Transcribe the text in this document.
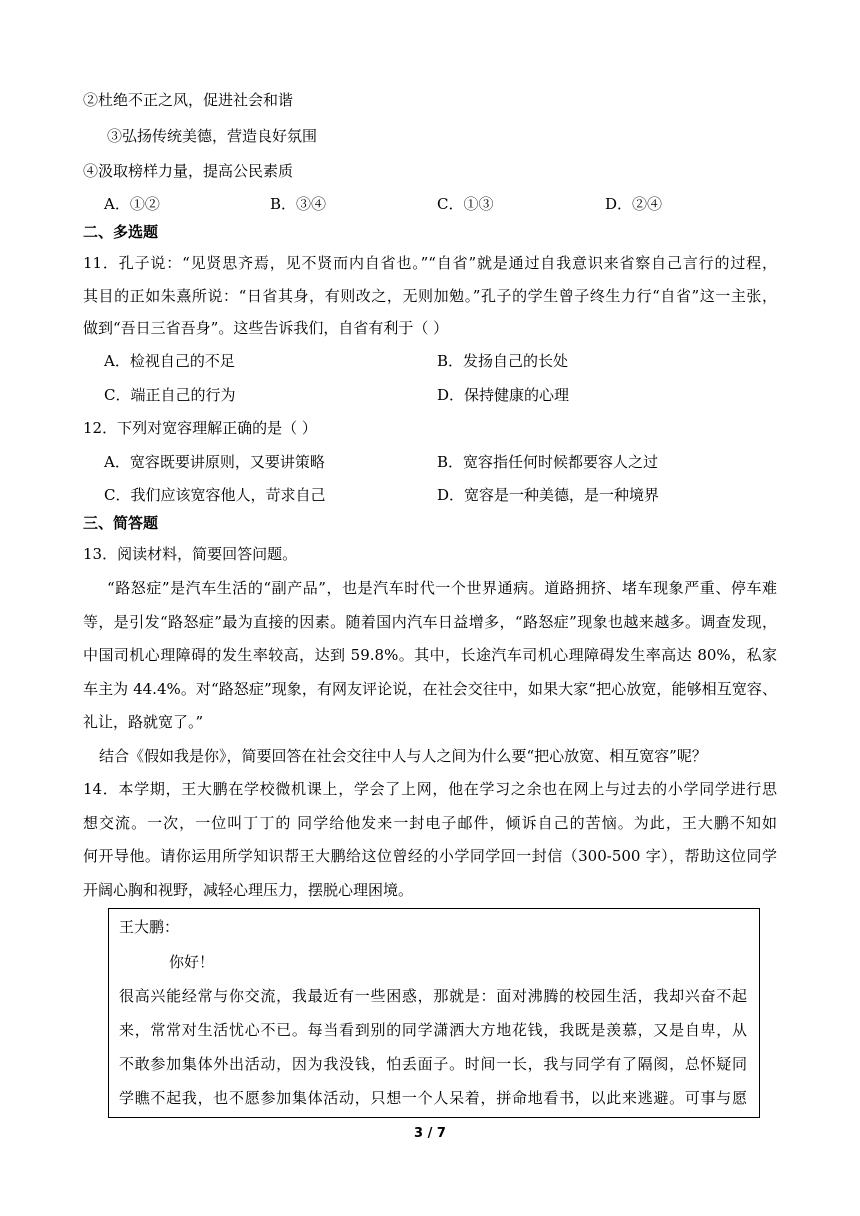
②杜绝不正之风，促进社会和谐
③弘扬传统美德，营造良好氛围
④汲取榜样力量，提高公民素质
A．①②	B．③④	C．①③	D．②④
二、多选题
11．孔子说：“见贤思齐焉，见不贤而内自省也。”“自省”就是通过自我意识来省察自己言行的过程，
其目的正如朱熹所说：“日省其身，有则改之，无则加勉。”孔子的学生曾子终生力行“自省”这一主张，
做到“吾日三省吾身”。这些告诉我们，自省有利于（ ）
A．检视自己的不足	B．发扬自己的长处
C．端正自己的行为	D．保持健康的心理
12．下列对宽容理解正确的是（ ）
A．宽容既要讲原则，又要讲策略	B．宽容指任何时候都要容人之过
C．我们应该宽容他人，苛求自己	D．宽容是一种美德，是一种境界
三、简答题
13．阅读材料，简要回答问题。
“路怒症”是汽车生活的“副产品”，也是汽车时代一个世界通病。道路拥挤、堵车现象严重、停车难
等，是引发“路怒症”最为直接的因素。随着国内汽车日益增多，“路怒症”现象也越来越多。调查发现，
中国司机心理障碍的发生率较高，达到 59.8%。其中，长途汽车司机心理障碍发生率高达 80%，私家
车主为 44.4%。对“路怒症”现象，有网友评论说，在社会交往中，如果大家“把心放宽，能够相互宽容、
礼让，路就宽了。”
结合《假如我是你》，简要回答在社会交往中人与人之间为什么要“把心放宽、相互宽容”呢？
14．本学期，王大鹏在学校微机课上，学会了上网，他在学习之余也在网上与过去的小学同学进行思
想交流。一次，一位叫丁丁的 同学给他发来一封电子邮件，倾诉自己的苦恼。为此，王大鹏不知如
何开导他。请你运用所学知识帮王大鹏给这位曾经的小学同学回一封信（300-500 字），帮助这位同学
开阔心胸和视野，减轻心理压力，摆脱心理困境。
王大鹏：
你好！
很高兴能经常与你交流，我最近有一些困惑，那就是：面对沸腾的校园生活，我却兴奋不起
来，常常对生活忧心不已。每当看到别的同学潇洒大方地花钱，我既是羡慕，又是自卑，从
不敢参加集体外出活动，因为我没钱，怕丢面子。时间一长，我与同学有了隔阂，总怀疑同
学瞧不起我，也不愿参加集体活动，只想一个人呆着，拼命地看书，以此来逃避。可事与愿
3 / 7
